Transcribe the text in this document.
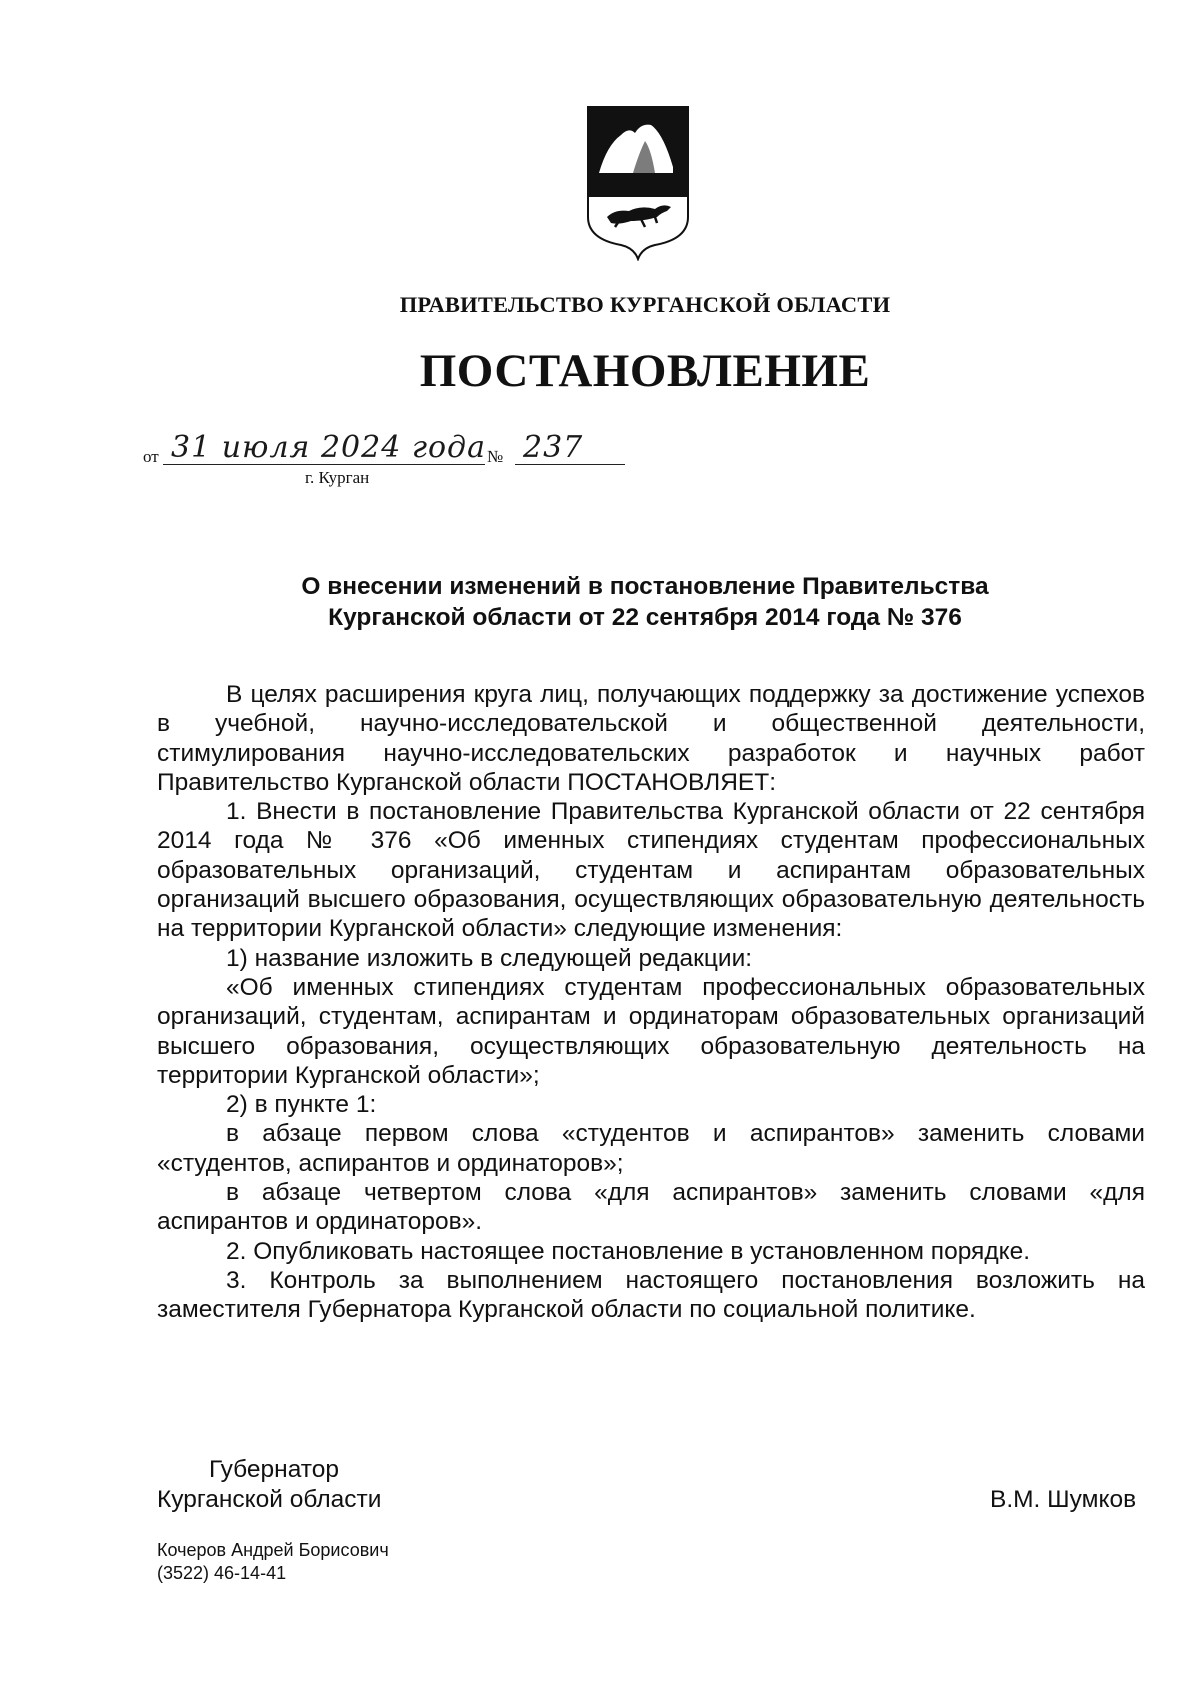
ПРАВИТЕЛЬСТВО КУРГАНСКОЙ ОБЛАСТИ
ПОСТАНОВЛЕНИЕ
от 31 июля 2024 года № 237
г. Курган
О внесении изменений в постановление Правительства
Курганской области от 22 сентября 2014 года № 376

В целях расширения круга лиц, получающих поддержку за достижение успехов в учебной, научно-исследовательской и общественной деятельности, стимулирования научно-исследовательских разработок и научных работ Правительство Курганской области ПОСТАНОВЛЯЕТ:

1. Внести в постановление Правительства Курганской области от 22 сентября 2014 года № 376 «Об именных стипендиях студентам профессиональных образовательных организаций, студентам и аспирантам образовательных организаций высшего образования, осуществляющих образовательную деятельность на территории Курганской области» следующие изменения:

1) название изложить в следующей редакции:

«Об именных стипендиях студентам профессиональных образовательных организаций, студентам, аспирантам и ординаторам образовательных организаций высшего образования, осуществляющих образовательную деятельность на территории Курганской области»;

2) в пункте 1:

в абзаце первом слова «студентов и аспирантов» заменить словами «студентов, аспирантов и ординаторов»;

в абзаце четвертом слова «для аспирантов» заменить словами «для аспирантов и ординаторов».

2. Опубликовать настоящее постановление в установленном порядке.

3. Контроль за выполнением настоящего постановления возложить на заместителя Губернатора Курганской области по социальной политике.

Губернатор
Курганской области	В.М. Шумков
Кочеров Андрей Борисович
(3522) 46-14-41
